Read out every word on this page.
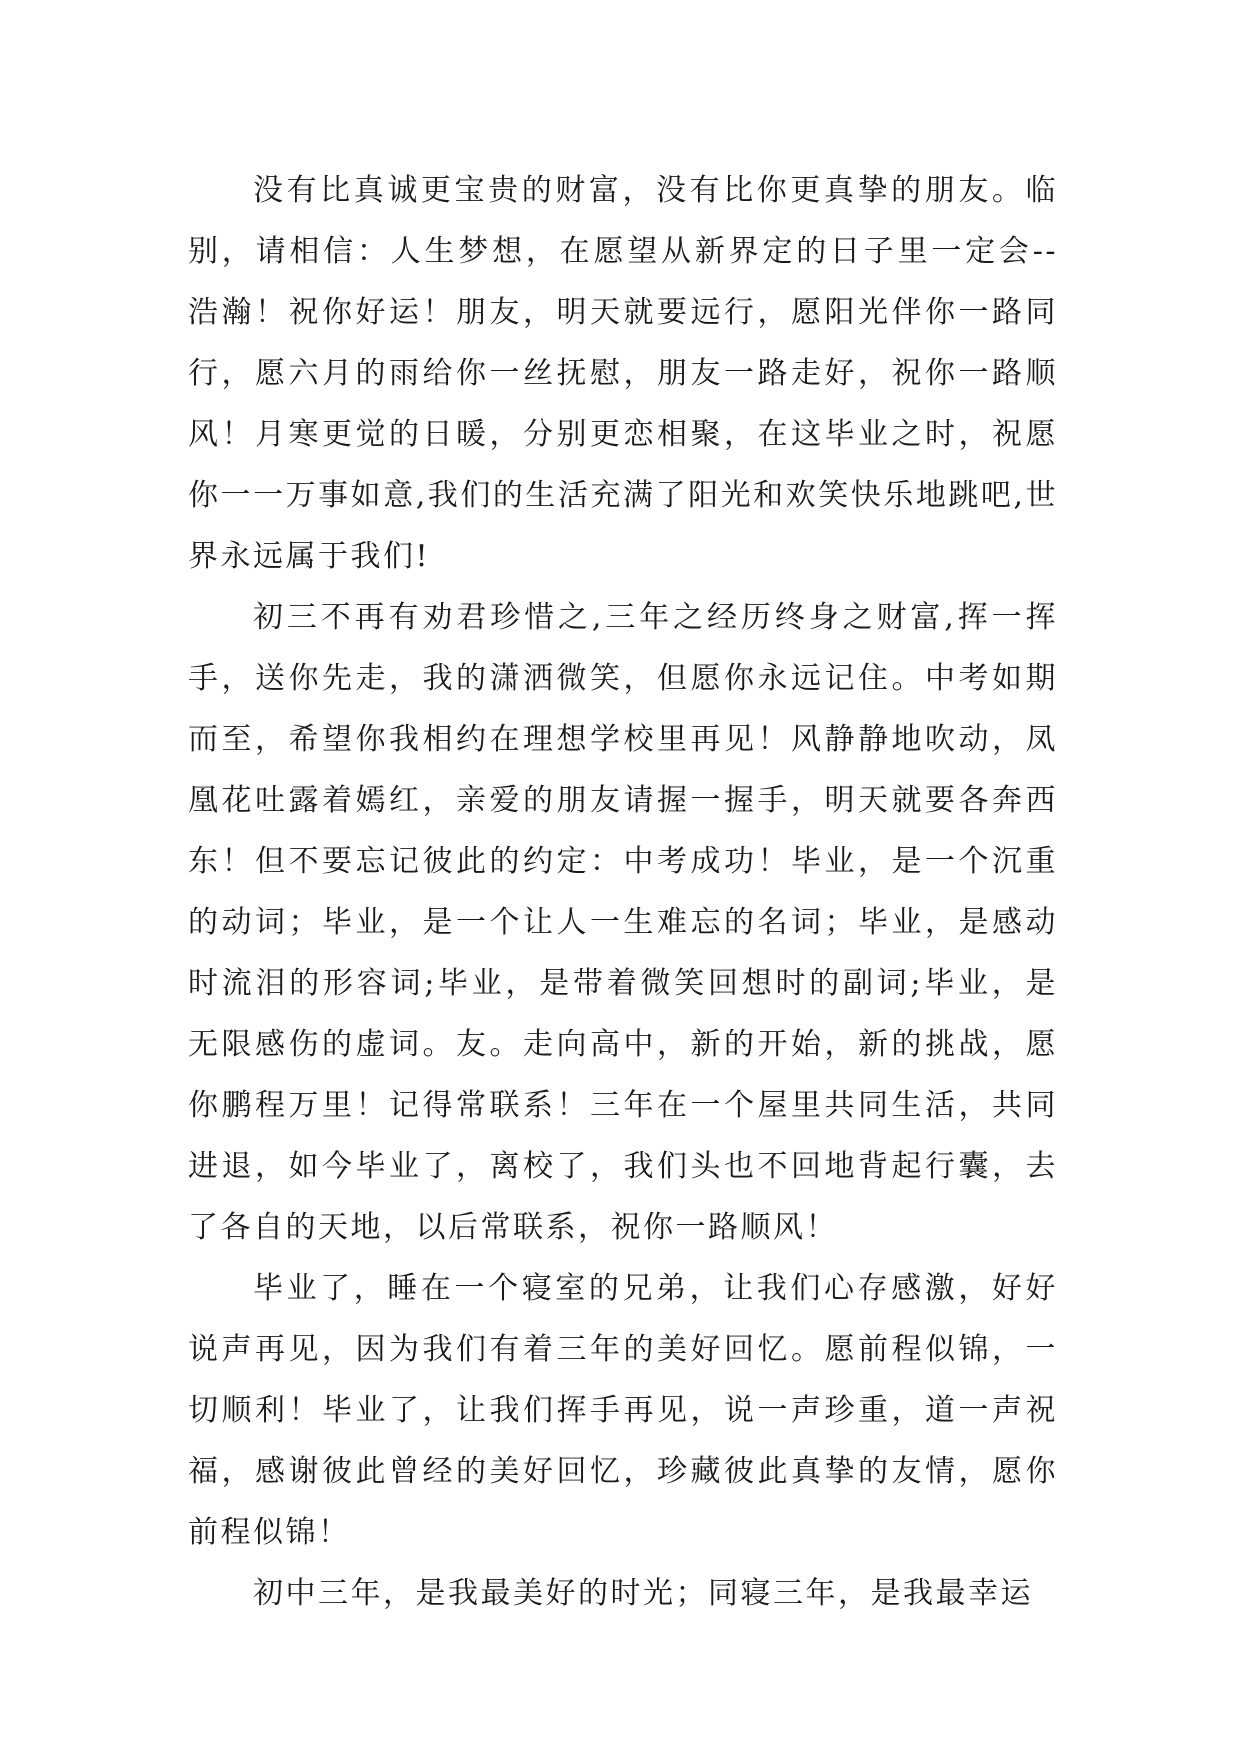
没有比真诚更宝贵的财富，没有比你更真挚的朋友。临别，请相信：人生梦想，在愿望从新界定的日子里一定会--浩瀚！祝你好运！朋友，明天就要远行，愿阳光伴你一路同行，愿六月的雨给你一丝抚慰，朋友一路走好，祝你一路顺风！月寒更觉的日暖，分别更恋相聚，在这毕业之时，祝愿你一一万事如意,我们的生活充满了阳光和欢笑快乐地跳吧,世界永远属于我们!

初三不再有劝君珍惜之,三年之经历终身之财富,挥一挥手，送你先走，我的潇洒微笑，但愿你永远记住。中考如期而至，希望你我相约在理想学校里再见！风静静地吹动，凤凰花吐露着嫣红，亲爱的朋友请握一握手，明天就要各奔西东！但不要忘记彼此的约定：中考成功！毕业，是一个沉重的动词；毕业，是一个让人一生难忘的名词；毕业，是感动时流泪的形容词;毕业，是带着微笑回想时的副词;毕业，是无限感伤的虚词。友。走向高中，新的开始，新的挑战，愿你鹏程万里！记得常联系！三年在一个屋里共同生活，共同进退，如今毕业了，离校了，我们头也不回地背起行囊，去了各自的天地，以后常联系，祝你一路顺风！

毕业了，睡在一个寝室的兄弟，让我们心存感激，好好说声再见，因为我们有着三年的美好回忆。愿前程似锦，一切顺利！毕业了，让我们挥手再见，说一声珍重，道一声祝福，感谢彼此曾经的美好回忆，珍藏彼此真挚的友情，愿你前程似锦！

初中三年，是我最美好的时光；同寝三年，是我最幸运
